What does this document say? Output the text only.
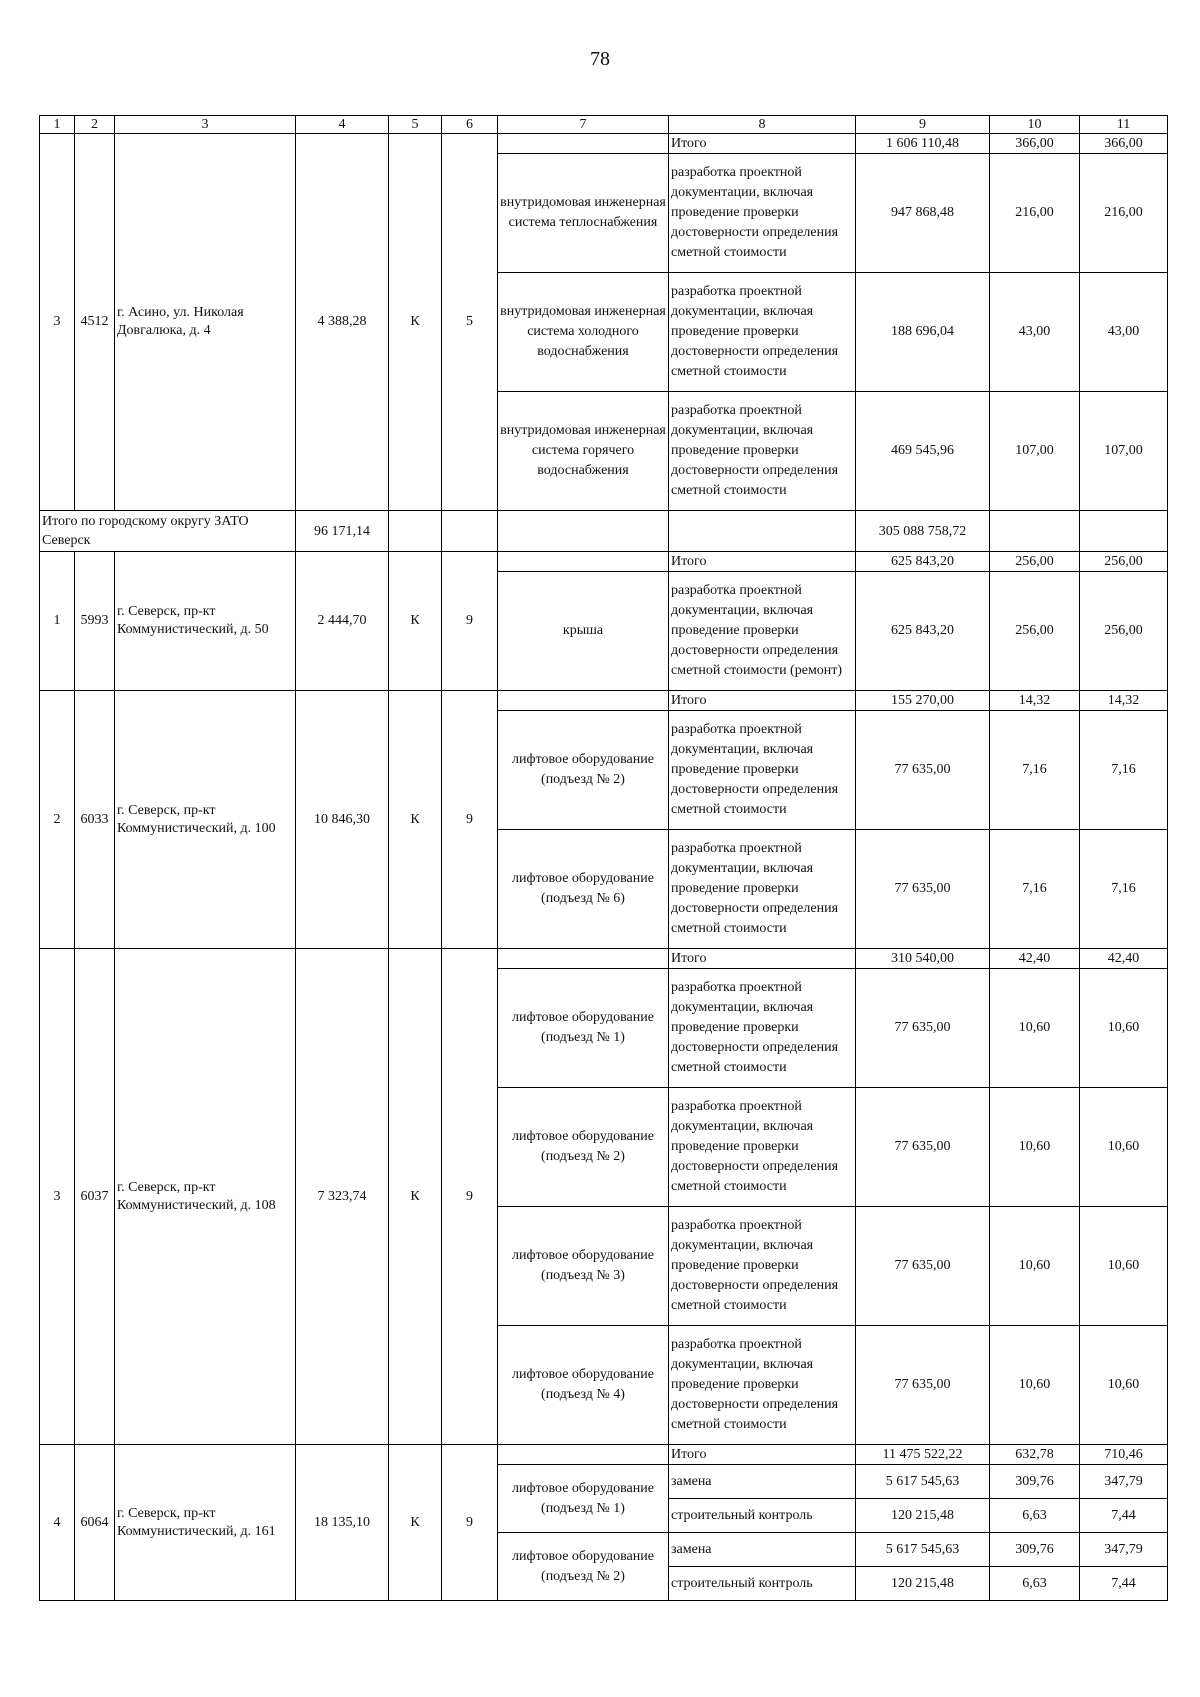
78
1	2	3	4	5	6	7	8	9	10	11
3	4512	г. Асино, ул. Николая Довгалюка, д. 4	4 388,28	К	5		Итого	1 606 110,48	366,00	366,00
						внутридомовая инженерная система теплоснабжения	разработка проектной документации, включая проведение проверки достоверности определения сметной стоимости	947 868,48	216,00	216,00
						внутридомовая инженерная система холодного водоснабжения	разработка проектной документации, включая проведение проверки достоверности определения сметной стоимости	188 696,04	43,00	43,00
						внутридомовая инженерная система горячего водоснабжения	разработка проектной документации, включая проведение проверки достоверности определения сметной стоимости	469 545,96	107,00	107,00
Итого по городскому округу ЗАТО Северск			96 171,14					305 088 758,72		
1	5993	г. Северск, пр-кт Коммунистический, д. 50	2 444,70	К	9		Итого	625 843,20	256,00	256,00
						крыша	разработка проектной документации, включая проведение проверки достоверности определения сметной стоимости (ремонт)	625 843,20	256,00	256,00
2	6033	г. Северск, пр-кт Коммунистический, д. 100	10 846,30	К	9		Итого	155 270,00	14,32	14,32
						лифтовое оборудование (подъезд № 2)	разработка проектной документации, включая проведение проверки достоверности определения сметной стоимости	77 635,00	7,16	7,16
						лифтовое оборудование (подъезд № 6)	разработка проектной документации, включая проведение проверки достоверности определения сметной стоимости	77 635,00	7,16	7,16
3	6037	г. Северск, пр-кт Коммунистический, д. 108	7 323,74	К	9		Итого	310 540,00	42,40	42,40
						лифтовое оборудование (подъезд № 1)	разработка проектной документации, включая проведение проверки достоверности определения сметной стоимости	77 635,00	10,60	10,60
						лифтовое оборудование (подъезд № 2)	разработка проектной документации, включая проведение проверки достоверности определения сметной стоимости	77 635,00	10,60	10,60
						лифтовое оборудование (подъезд № 3)	разработка проектной документации, включая проведение проверки достоверности определения сметной стоимости	77 635,00	10,60	10,60
						лифтовое оборудование (подъезд № 4)	разработка проектной документации, включая проведение проверки достоверности определения сметной стоимости	77 635,00	10,60	10,60
4	6064	г. Северск, пр-кт Коммунистический, д. 161	18 135,10	К	9		Итого	11 475 522,22	632,78	710,46
						лифтовое оборудование (подъезд № 1)	замена	5 617 545,63	309,76	347,79
							строительный контроль	120 215,48	6,63	7,44
						лифтовое оборудование (подъезд № 2)	замена	5 617 545,63	309,76	347,79
							строительный контроль	120 215,48	6,63	7,44
